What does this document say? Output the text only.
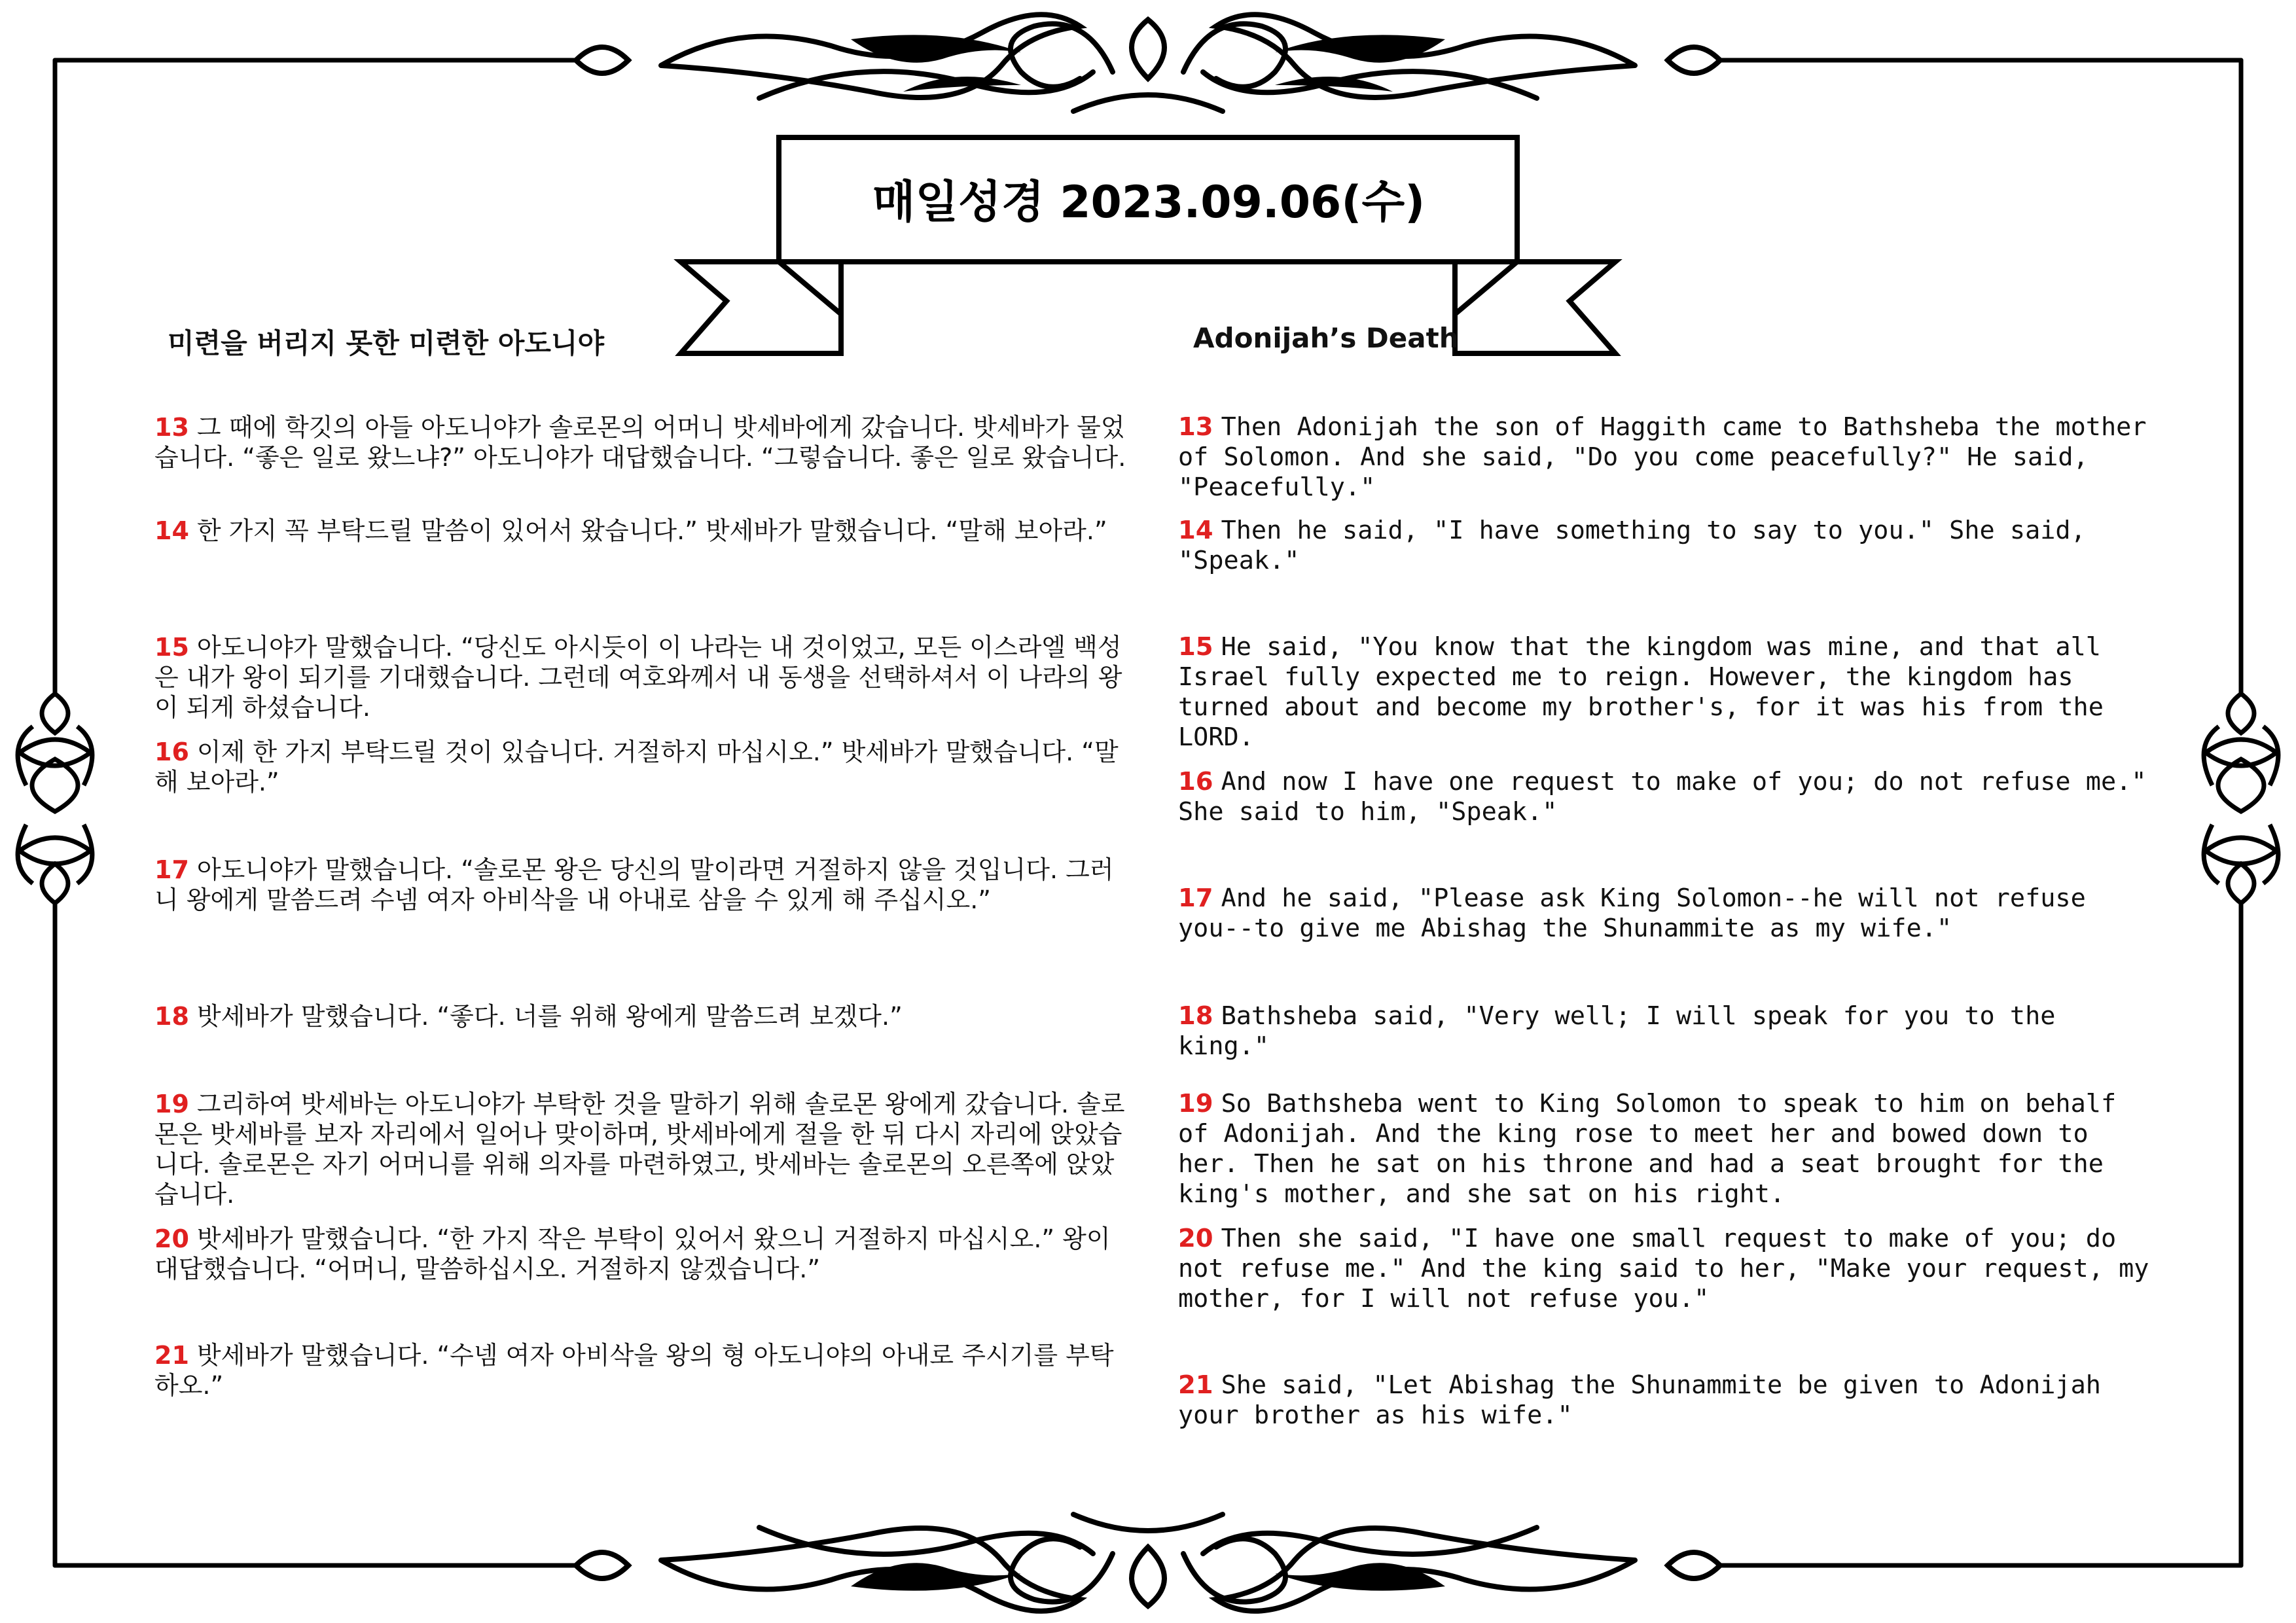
매일성경 2023.09.06(수)
미련을 버리지 못한 미련한 아도니야	Adonijah’s Death

13 그 때에 학깃의 아들 아도니야가 솔로몬의 어머니 밧세바에게 갔습니다. 밧세바가 물었습니다. “좋은 일로 왔느냐?” 아도니야가 대답했습니다. “그렇습니다. 좋은 일로 왔습니다.

14 한 가지 꼭 부탁드릴 말씀이 있어서 왔습니다.” 밧세바가 말했습니다. “말해 보아라.”

15 아도니야가 말했습니다. “당신도 아시듯이 이 나라는 내 것이었고, 모든 이스라엘 백성은 내가 왕이 되기를 기대했습니다. 그런데 여호와께서 내 동생을 선택하셔서 이 나라의 왕이 되게 하셨습니다.

16 이제 한 가지 부탁드릴 것이 있습니다. 거절하지 마십시오.” 밧세바가 말했습니다. “말해 보아라.”

17 아도니야가 말했습니다. “솔로몬 왕은 당신의 말이라면 거절하지 않을 것입니다. 그러니 왕에게 말씀드려 수넴 여자 아비삭을 내 아내로 삼을 수 있게 해 주십시오.”

18 밧세바가 말했습니다. “좋다. 너를 위해 왕에게 말씀드려 보겠다.”

19 그리하여 밧세바는 아도니야가 부탁한 것을 말하기 위해 솔로몬 왕에게 갔습니다. 솔로몬은 밧세바를 보자 자리에서 일어나 맞이하며, 밧세바에게 절을 한 뒤 다시 자리에 앉았습니다. 솔로몬은 자기 어머니를 위해 의자를 마련하였고, 밧세바는 솔로몬의 오른쪽에 앉았습니다.

20 밧세바가 말했습니다. “한 가지 작은 부탁이 있어서 왔으니 거절하지 마십시오.” 왕이 대답했습니다. “어머니, 말씀하십시오. 거절하지 않겠습니다.”

21 밧세바가 말했습니다. “수넴 여자 아비삭을 왕의 형 아도니야의 아내로 주시기를 부탁하오.”

13 Then Adonijah the son of Haggith came to Bathsheba the mother of Solomon. And she said, "Do you come peacefully?" He said, "Peacefully."

14 Then he said, "I have something to say to you." She said, "Speak."

15 He said, "You know that the kingdom was mine, and that all Israel fully expected me to reign. However, the kingdom has turned about and become my brother's, for it was his from the LORD.

16 And now I have one request to make of you; do not refuse me." She said to him, "Speak."

17 And he said, "Please ask King Solomon--he will not refuse you--to give me Abishag the Shunammite as my wife."

18 Bathsheba said, "Very well; I will speak for you to the king."

19 So Bathsheba went to King Solomon to speak to him on behalf of Adonijah. And the king rose to meet her and bowed down to her. Then he sat on his throne and had a seat brought for the king's mother, and she sat on his right.

20 Then she said, "I have one small request to make of you; do not refuse me." And the king said to her, "Make your request, my mother, for I will not refuse you."

21 She said, "Let Abishag the Shunammite be given to Adonijah your brother as his wife."
